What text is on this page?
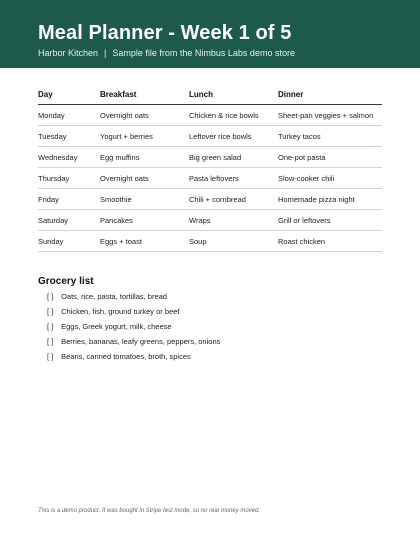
Meal Planner - Week 1 of 5
Harbor Kitchen | Sample file from the Nimbus Labs demo store
Day	Breakfast	Lunch	Dinner
Monday	Overnight oats	Chicken & rice bowls	Sheet-pan veggies + salmon
Tuesday	Yogurt + berries	Leftover rice bowls	Turkey tacos
Wednesday	Egg muffins	Big green salad	One-pot pasta
Thursday	Overnight oats	Pasta leftovers	Slow-cooker chili
Friday	Smoothie	Chili + cornbread	Homemade pizza night
Saturday	Pancakes	Wraps	Grill or leftovers
Sunday	Eggs + toast	Soup	Roast chicken
Grocery list
[ ] Oats, rice, pasta, tortillas, bread
[ ] Chicken, fish, ground turkey or beef
[ ] Eggs, Greek yogurt, milk, cheese
[ ] Berries, bananas, leafy greens, peppers, onions
[ ] Beans, canned tomatoes, broth, spices
This is a demo product. It was bought in Stripe test mode, so no real money moved.
